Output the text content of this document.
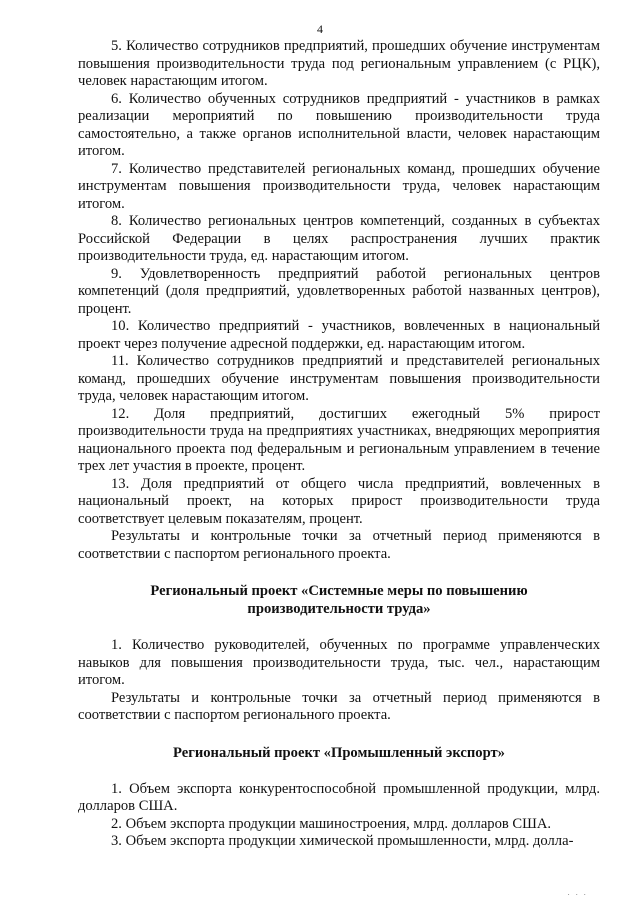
4

5. Количество сотрудников предприятий, прошедших обучение инструментам повышения производительности труда под региональным управлением (с РЦК), человек нарастающим итогом.

6. Количество обученных сотрудников предприятий - участников в рамках реализации мероприятий по повышению производительности труда самостоятельно, а также органов исполнительной власти, человек нарастающим итогом.

7. Количество представителей региональных команд, прошедших обучение инструментам повышения производительности труда, человек нарастающим итогом.

8. Количество региональных центров компетенций, созданных в субъектах Российской Федерации в целях распространения лучших практик производительности труда, ед. нарастающим итогом.

9. Удовлетворенность предприятий работой региональных центров компетенций (доля предприятий, удовлетворенных работой названных центров), процент.

10. Количество предприятий - участников, вовлеченных в национальный проект через получение адресной поддержки, ед. нарастающим итогом.

11. Количество сотрудников предприятий и представителей региональных команд, прошедших обучение инструментам повышения производительности труда, человек нарастающим итогом.

12. Доля предприятий, достигших ежегодный 5% прирост производительности труда на предприятиях участниках, внедряющих мероприятия национального проекта под федеральным и региональным управлением в течение трех лет участия в проекте, процент.

13. Доля предприятий от общего числа предприятий, вовлеченных в национальный проект, на которых прирост производительности труда соответствует целевым показателям, процент.

Результаты и контрольные точки за отчетный период применяются в соответствии с паспортом регионального проекта.

Региональный проект «Системные меры по повышению производительности труда»

1. Количество руководителей, обученных по программе управленческих навыков для повышения производительности труда, тыс. чел., нарастающим итогом.

Результаты и контрольные точки за отчетный период применяются в соответствии с паспортом регионального проекта.

Региональный проект «Промышленный экспорт»

1. Объем экспорта конкурентоспособной промышленной продукции, млрд. долларов США.

2. Объем экспорта продукции машиностроения, млрд. долларов США.

3. Объем экспорта продукции химической промышленности, млрд. долла-

· · ·
